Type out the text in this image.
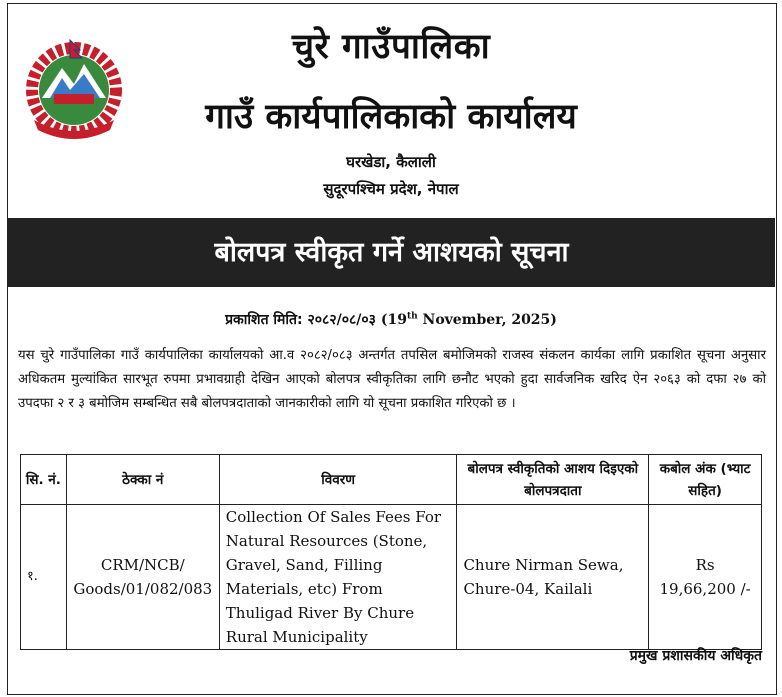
चुरे गाउँपालिका
गाउँ कार्यपालिकाको कार्यालय
घरखेडा, कैलाली
सुदूरपश्चिम प्रदेश, नेपाल
बोलपत्र स्वीकृत गर्ने आशयको सूचना
प्रकाशित मिति: २०८२/०८/०३ (19th November, 2025)
यस चुरे गाउँपालिका गाउँ कार्यपालिका कार्यालयको आ.व २०८२/०८३ अन्तर्गत तपसिल बमोजिमको राजस्व संकलन कार्यका लागि प्रकाशित सूचना अनुसार अधिकतम मुल्यांकित सारभूत रुपमा प्रभावग्राही देखिन आएको बोलपत्र स्वीकृतिका लागि छनौट भएको हुदा सार्वजनिक खरिद ऐन २०६३ को दफा २७ को उपदफा २ र ३ बमोजिम सम्बन्धित सबै बोलपत्रदाताको जानकारीको लागि यो सूचना प्रकाशित गरिएको छ ।
सि. नं.	ठेक्का नं	विवरण	बोलपत्र स्वीकृतिको आशय दिइएको बोलपत्रदाता	कबोल अंक (भ्याट सहित)
१.	CRM/NCB/ Goods/01/082/083	Collection Of Sales Fees For Natural Resources (Stone, Gravel, Sand, Filling Materials, etc) From Thuligad River By Chure Rural Municipality	Chure Nirman Sewa, Chure-04, Kailali	Rs 19,66,200 /-
प्रमुख प्रशासकीय अधिकृत
